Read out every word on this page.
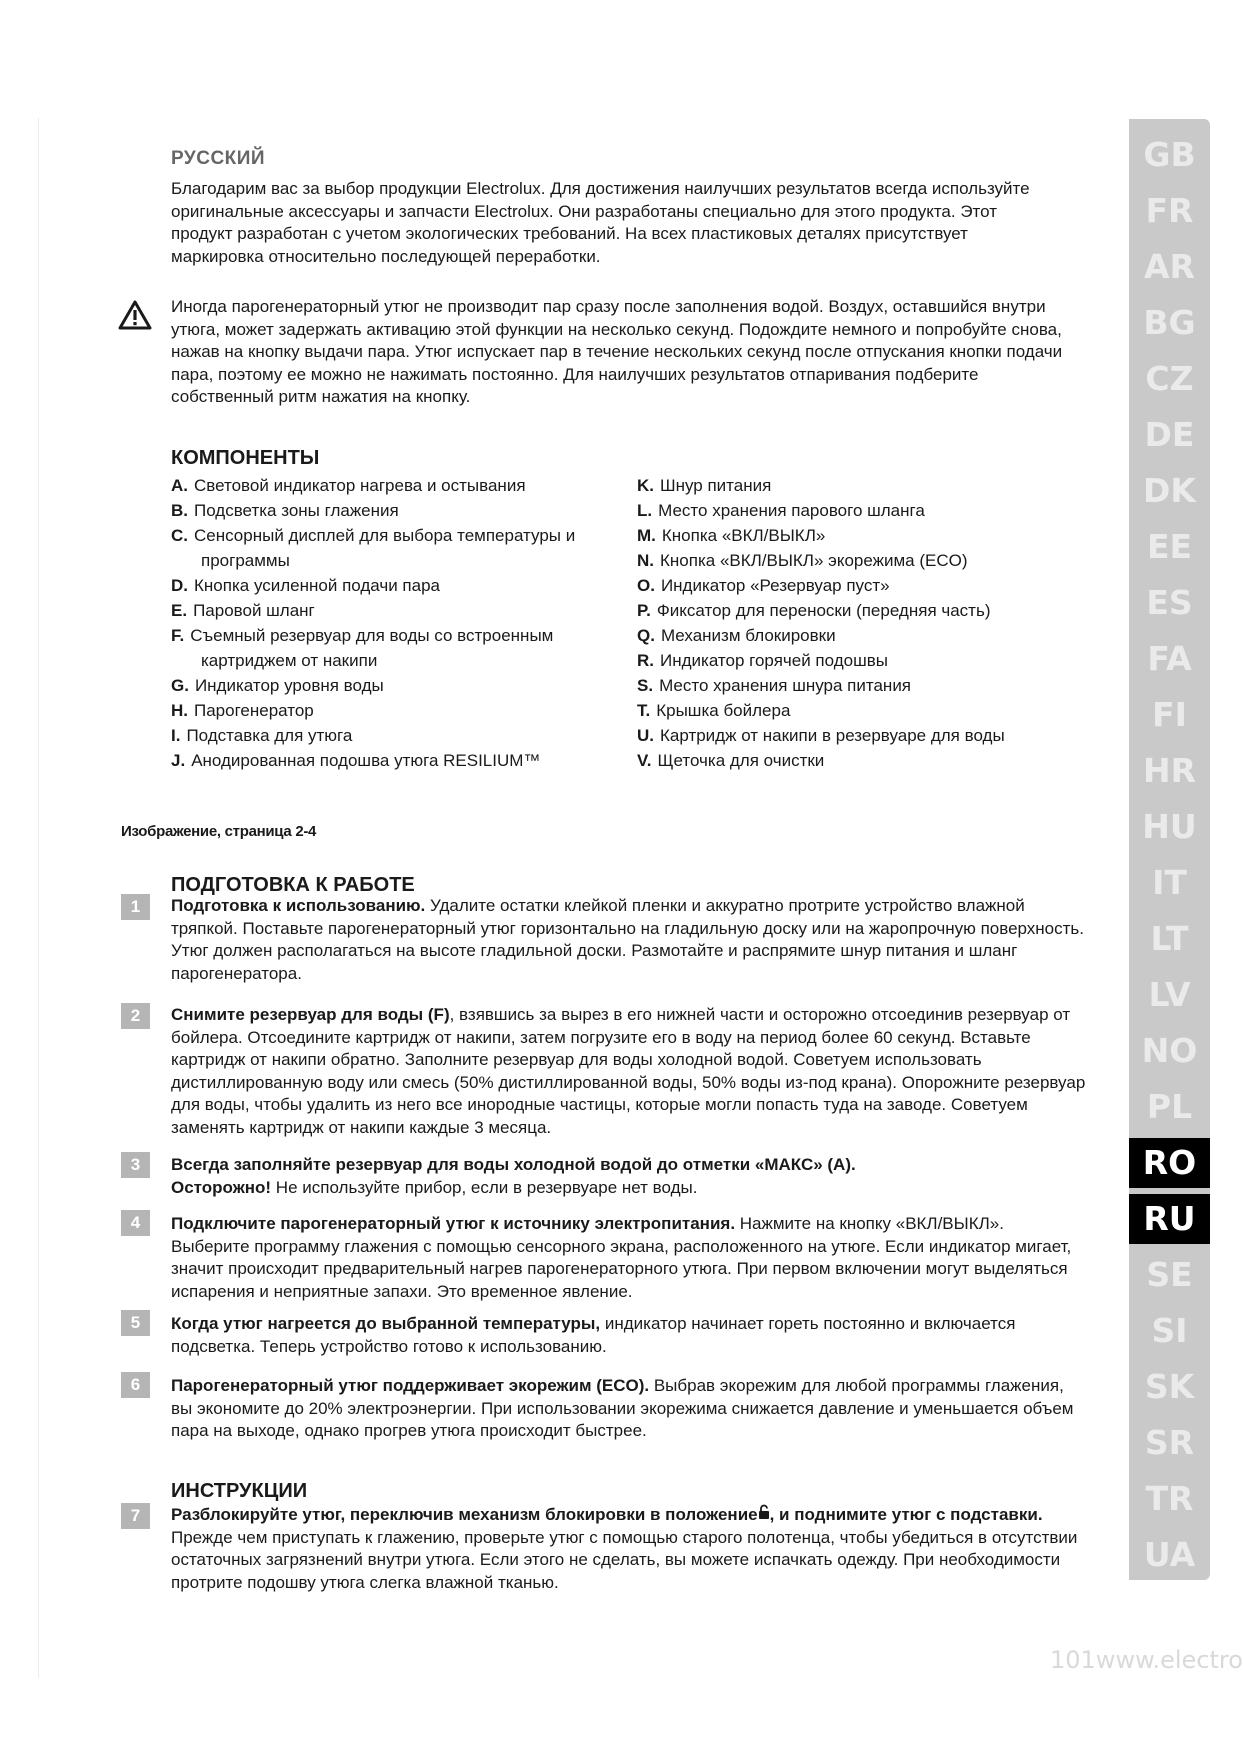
РУССКИЙ
Благодарим вас за выбор продукции Electrolux. Для достижения наилучших результатов всегда используйте оригинальные аксессуары и запчасти Electrolux. Они разработаны специально для этого продукта. Этот продукт разработан с учетом экологических требований. На всех пластиковых деталях присутствует маркировка относительно последующей переработки.
Иногда парогенераторный утюг не производит пар сразу после заполнения водой. Воздух, оставшийся внутри утюга, может задержать активацию этой функции на несколько секунд. Подождите немного и попробуйте снова, нажав на кнопку выдачи пара. Утюг испускает пар в течение нескольких секунд после отпускания кнопки подачи пара, поэтому ее можно не нажимать постоянно. Для наилучших результатов отпаривания подберите собственный ритм нажатия на кнопку.
КОМПОНЕНТЫ
A. Световой индикатор нагрева и остывания
B. Подсветка зоны глажения
C. Сенсорный дисплей для выбора температуры и
программы
D. Кнопка усиленной подачи пара
E. Паровой шланг
F. Съемный резервуар для воды со встроенным
картриджем от накипи
G. Индикатор уровня воды
H. Парогенератор
I. Подставка для утюга
J. Анодированная подошва утюга RESILIUM™
K. Шнур питания
L. Место хранения парового шланга
M. Кнопка «ВКЛ/ВЫКЛ»
N. Кнопка «ВКЛ/ВЫКЛ» экорежима (ECO)
O. Индикатор «Резервуар пуст»
P. Фиксатор для переноски (передняя часть)
Q. Механизм блокировки
R. Индикатор горячей подошвы
S. Место хранения шнура питания
T. Крышка бойлера
U. Картридж от накипи в резервуаре для воды
V. Щеточка для очистки
Изображение, страница 2-4
ПОДГОТОВКА К РАБОТЕ
1	Подготовка к использованию. Удалите остатки клейкой пленки и аккуратно протрите устройство влажной тряпкой. Поставьте парогенераторный утюг горизонтально на гладильную доску или на жаропрочную поверхность. Утюг должен располагаться на высоте гладильной доски. Размотайте и распрямите шнур питания и шланг парогенератора.
2	Снимите резервуар для воды (F), взявшись за вырез в его нижней части и осторожно отсоединив резервуар от бойлера. Отсоедините картридж от накипи, затем погрузите его в воду на период более 60 секунд. Вставьте картридж от накипи обратно. Заполните резервуар для воды холодной водой. Советуем использовать дистиллированную воду или смесь (50% дистиллированной воды, 50% воды из-под крана). Опорожните резервуар для воды, чтобы удалить из него все инородные частицы, которые могли попасть туда на заводе. Советуем заменять картридж от накипи каждые 3 месяца.
3	Всегда заполняйте резервуар для воды холодной водой до отметки «МАКС» (A).
Осторожно! Не используйте прибор, если в резервуаре нет воды.
4	Подключите парогенераторный утюг к источнику электропитания. Нажмите на кнопку «ВКЛ/ВЫКЛ». Выберите программу глажения с помощью сенсорного экрана, расположенного на утюге. Если индикатор мигает, значит происходит предварительный нагрев парогенераторного утюга. При первом включении могут выделяться испарения и неприятные запахи. Это временное явление.
5	Когда утюг нагреется до выбранной температуры, индикатор начинает гореть постоянно и включается подсветка. Теперь устройство готово к использованию.
6	Парогенераторный утюг поддерживает экорежим (ECO). Выбрав экорежим для любой программы глажения, вы экономите до 20% электроэнергии. При использовании экорежима снижается давление и уменьшается объем пара на выходе, однако прогрев утюга происходит быстрее.
ИНСТРУКЦИИ
7	Разблокируйте утюг, переключив механизм блокировки в положение , и поднимите утюг с подставки.
Прежде чем приступать к глажению, проверьте утюг с помощью старого полотенца, чтобы убедиться в отсутствии остаточных загрязнений внутри утюга. Если этого не сделать, вы можете испачкать одежду. При необходимости протрите подошву утюга слегка влажной тканью.
GB
FR
AR
BG
CZ
DE
DK
EE
ES
FA
FI
HR
HU
IT
LT
LV
NO
PL
RO
RU
SE
SI
SK
SR
TR
UA
101www.electro
